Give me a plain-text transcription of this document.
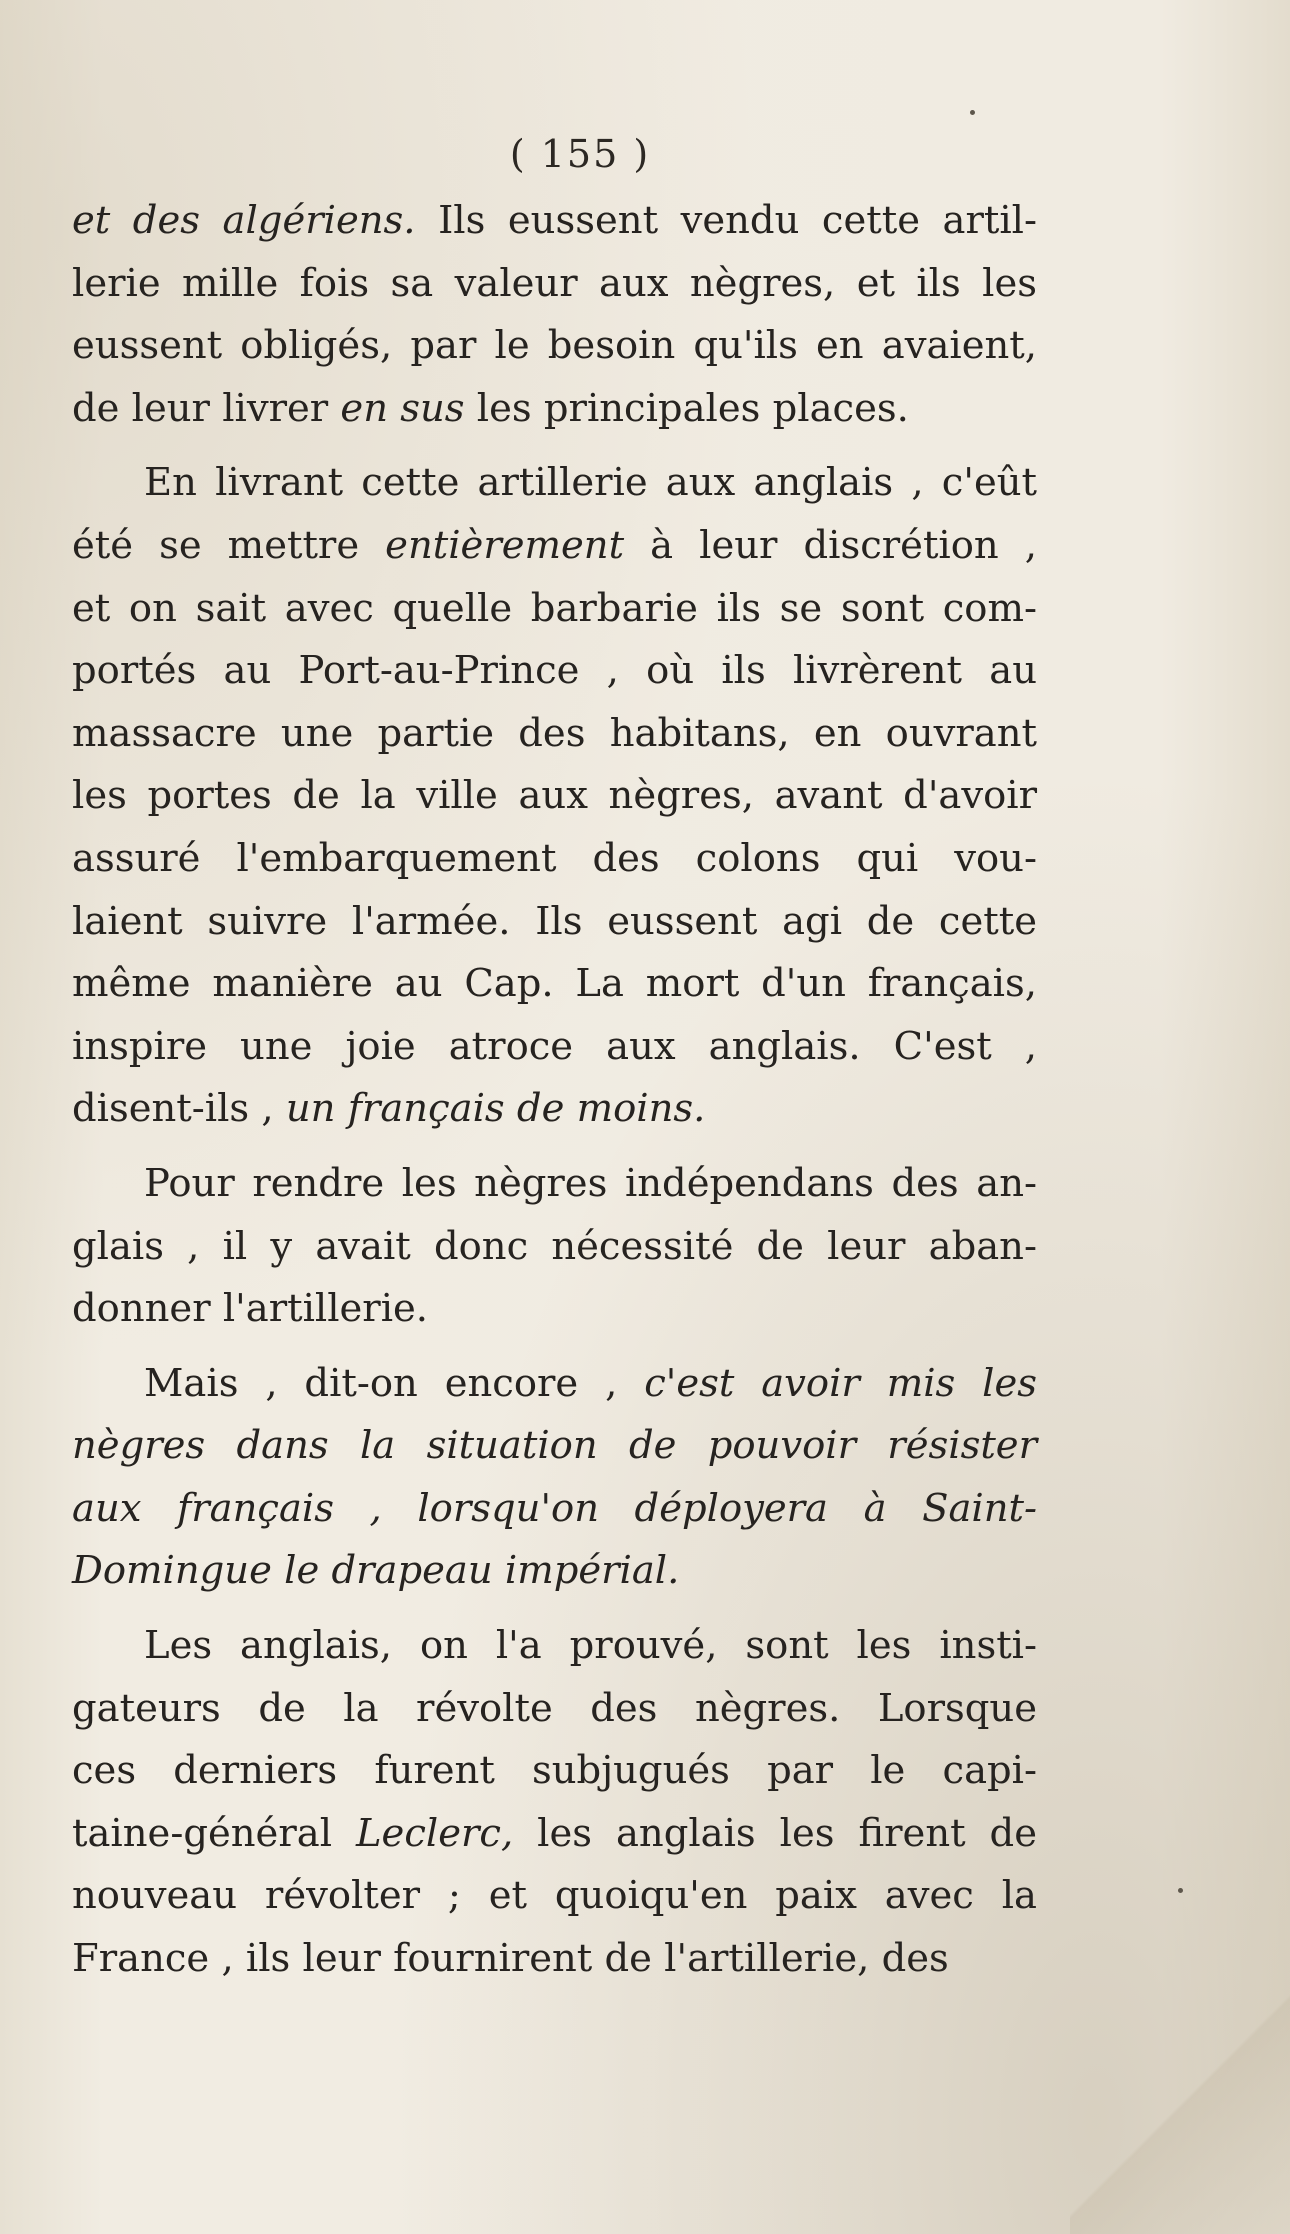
( 155 )
et des algériens. Ils eussent vendu cette artil-
lerie mille fois sa valeur aux nègres, et ils les
eussent obligés, par le besoin qu'ils en avaient,
de leur livrer en sus les principales places.
En livrant cette artillerie aux anglais , c'eût
été se mettre entièrement à leur discrétion ,
et on sait avec quelle barbarie ils se sont com-
portés au Port-au-Prince , où ils livrèrent au
massacre une partie des habitans, en ouvrant
les portes de la ville aux nègres, avant d'avoir
assuré l'embarquement des colons qui vou-
laient suivre l'armée. Ils eussent agi de cette
même manière au Cap. La mort d'un français,
inspire une joie atroce aux anglais. C'est ,
disent-ils , un français de moins.
Pour rendre les nègres indépendans des an-
glais , il y avait donc nécessité de leur aban-
donner l'artillerie.
Mais , dit-on encore , c'est avoir mis les
nègres dans la situation de pouvoir résister
aux français , lorsqu'on déployera à Saint-
Domingue le drapeau impérial.
Les anglais, on l'a prouvé, sont les insti-
gateurs de la révolte des nègres. Lorsque
ces derniers furent subjugués par le capi-
taine-général Leclerc, les anglais les firent de
nouveau révolter ; et quoiqu'en paix avec la
France , ils leur fournirent de l'artillerie, des
